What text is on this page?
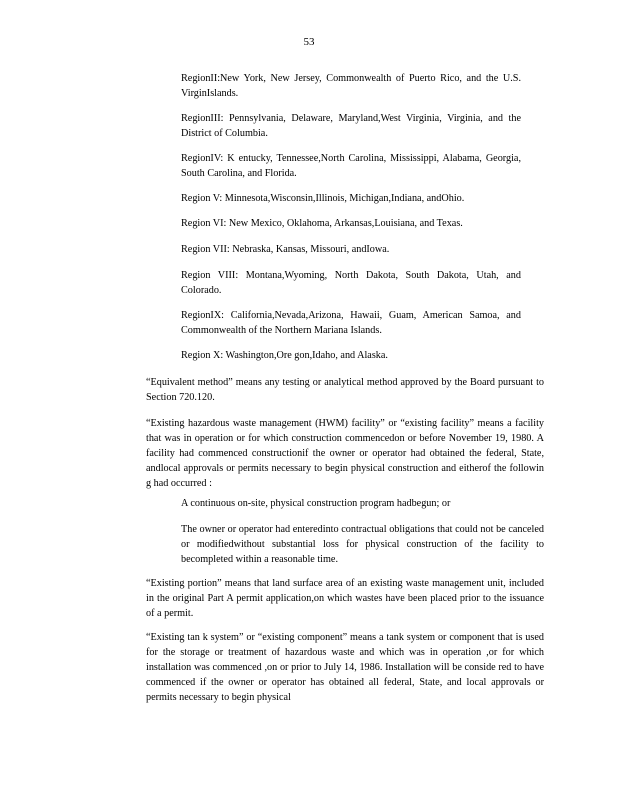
53

RegionII:New York, New Jersey, Commonwealth of Puerto Rico, and the U.S. VirginIslands.

RegionIII: Pennsylvania, Delaware, Maryland,West Virginia, Virginia, and the District of Columbia.

RegionIV: K entucky, Tennessee,North Carolina, Mississippi, Alabama, Georgia, South Carolina, and Florida.

Region V: Minnesota,Wisconsin,Illinois, Michigan,Indiana, andOhio.

Region VI: New Mexico, Oklahoma, Arkansas,Louisiana, and Texas.

Region VII: Nebraska, Kansas, Missouri, andIowa.

Region VIII: Montana,Wyoming, North Dakota, South Dakota, Utah, and Colorado.

RegionIX: California,Nevada,Arizona, Hawaii, Guam, American Samoa, and Commonwealth of the Northern Mariana Islands.

Region X: Washington,Ore gon,Idaho, and Alaska.

“Equivalent method” means any testing or analytical method approved by the Board pursuant to Section 720.120.

“Existing hazardous waste management (HWM) facility” or “existing facility” means a facility that was in operation or for which construction commencedon or before November 19, 1980. A facility had commenced constructionif the owner or operator had obtained the federal, State, andlocal approvals or permits necessary to begin physical construction and eitherof the followin g had occurred :

A continuous on-site, physical construction program hadbegun; or

The owner or operator had enteredinto contractual obligations that could not be canceled or modifiedwithout substantial loss for physical construction of the facility to becompleted within a reasonable time.

“Existing portion” means that land surface area of an existing waste management unit, included in the original Part A permit application,on which wastes have been placed prior to the issuance of a permit.

“Existing tan k system” or “existing component” means a tank system or component that is used for the storage or treatment of hazardous waste and which was in operation ,or for which installation was commenced ,on or prior to July 14, 1986. Installation will be conside red to have commenced if the owner or operator has obtained all federal, State, and local approvals or permits necessary to begin physical
